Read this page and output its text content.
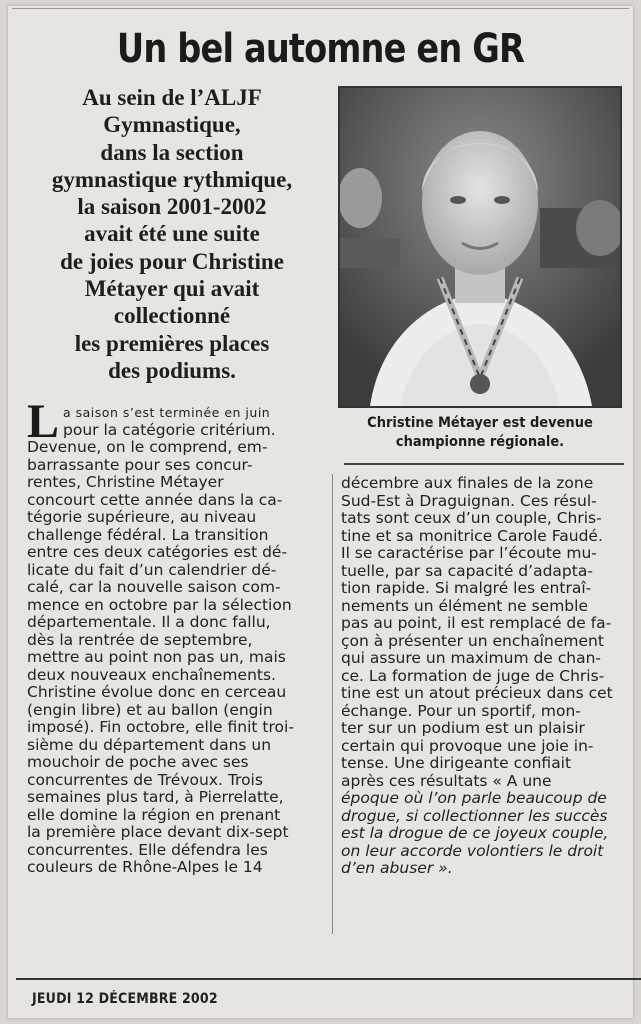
Un bel automne en GR
Au sein de l’ALJF
Gymnastique,
dans la section
gymnastique rythmique,
la saison 2001-2002
avait été une suite
de joies pour Christine
Métayer qui avait
collectionné
les premières places
des podiums.
Christine Métayer est devenue
championne régionale.
L a saison s’est terminée en juin
pour la catégorie critérium.
Devenue, on le comprend, em-
barrassante pour ses concur-
rentes, Christine Métayer
concourt cette année dans la ca-
tégorie supérieure, au niveau
challenge fédéral. La transition
entre ces deux catégories est dé-
licate du fait d’un calendrier dé-
calé, car la nouvelle saison com-
mence en octobre par la sélection
départementale. Il a donc fallu,
dès la rentrée de septembre,
mettre au point non pas un, mais
deux nouveaux enchaînements.
Christine évolue donc en cerceau
(engin libre) et au ballon (engin
imposé). Fin octobre, elle finit troi-
sième du département dans un
mouchoir de poche avec ses
concurrentes de Trévoux. Trois
semaines plus tard, à Pierrelatte,
elle domine la région en prenant
la première place devant dix-sept
concurrentes. Elle défendra les
couleurs de Rhône-Alpes le 14
décembre aux finales de la zone
Sud-Est à Draguignan. Ces résul-
tats sont ceux d’un couple, Chris-
tine et sa monitrice Carole Faudé.
Il se caractérise par l’écoute mu-
tuelle, par sa capacité d’adapta-
tion rapide. Si malgré les entraî-
nements un élément ne semble
pas au point, il est remplacé de fa-
çon à présenter un enchaînement
qui assure un maximum de chan-
ce. La formation de juge de Chris-
tine est un atout précieux dans cet
échange. Pour un sportif, mon-
ter sur un podium est un plaisir
certain qui provoque une joie in-
tense. Une dirigeante confiait
après ces résultats « A une
époque où l’on parle beaucoup de
drogue, si collectionner les succès
est la drogue de ce joyeux couple,
on leur accorde volontiers le droit
d’en abuser ».
JEUDI 12 DÉCEMBRE 2002
